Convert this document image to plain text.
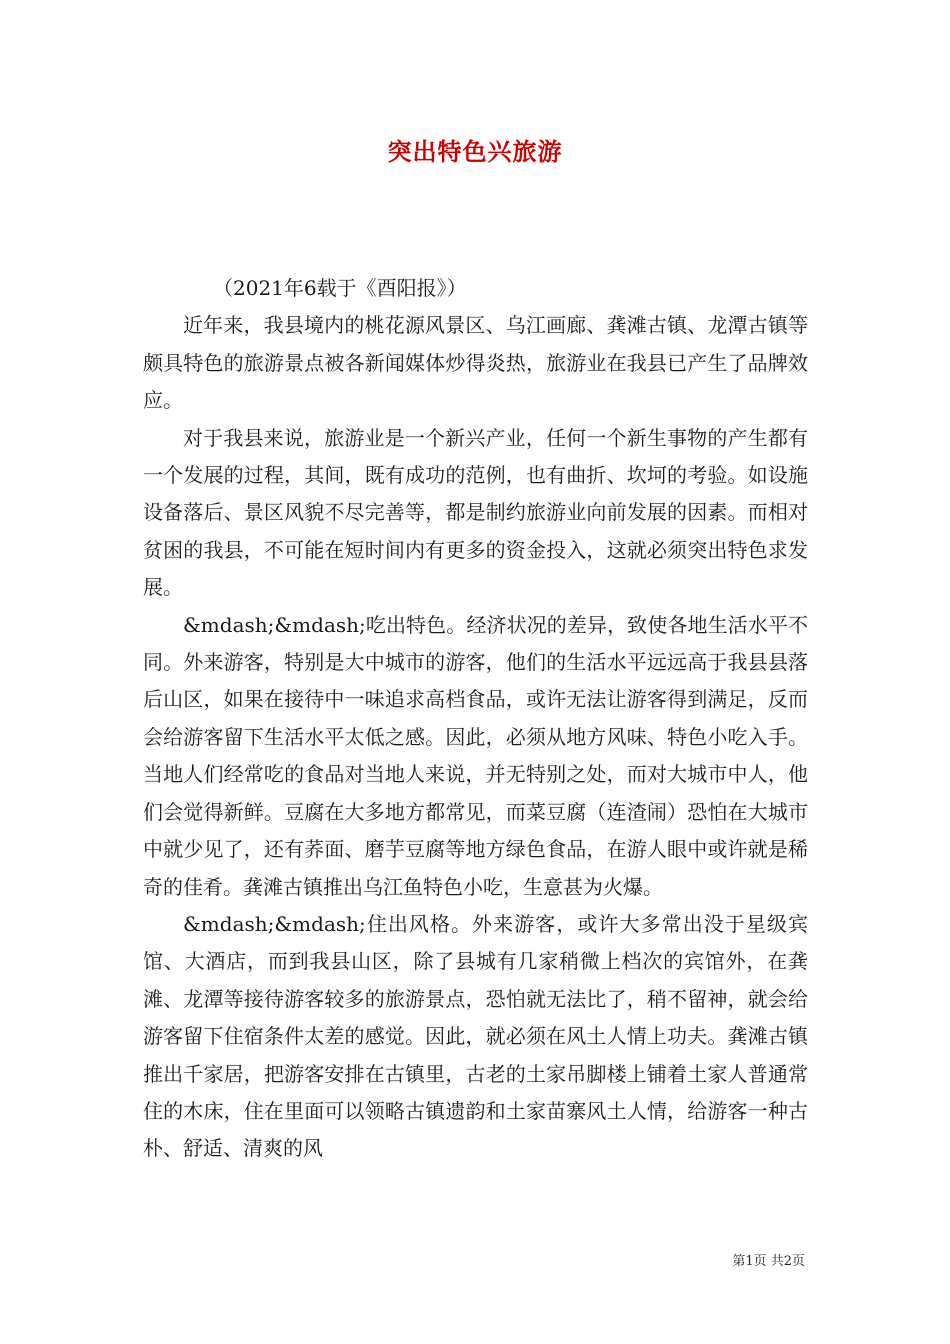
突出特色兴旅游

（2021年6载于《酉阳报》）

近年来，我县境内的桃花源风景区、乌江画廊、龚滩古镇、龙潭古镇等颇具特色的旅游景点被各新闻媒体炒得炎热，旅游业在我县已产生了品牌效应。

对于我县来说，旅游业是一个新兴产业，任何一个新生事物的产生都有一个发展的过程，其间，既有成功的范例，也有曲折、坎坷的考验。如设施设备落后、景区风貌不尽完善等，都是制约旅游业向前发展的因素。而相对贫困的我县，不可能在短时间内有更多的资金投入，这就必须突出特色求发展。

&mdash;&mdash;吃出特色。经济状况的差异，致使各地生活水平不同。外来游客，特别是大中城市的游客，他们的生活水平远远高于我县县落后山区，如果在接待中一味追求高档食品，或许无法让游客得到满足，反而会给游客留下生活水平太低之感。因此，必须从地方风味、特色小吃入手。当地人们经常吃的食品对当地人来说，并无特别之处，而对大城市中人，他们会觉得新鲜。豆腐在大多地方都常见，而菜豆腐（连渣闹）恐怕在大城市中就少见了，还有荞面、磨芋豆腐等地方绿色食品，在游人眼中或许就是稀奇的佳肴。龚滩古镇推出乌江鱼特色小吃，生意甚为火爆。

&mdash;&mdash;住出风格。外来游客，或许大多常出没于星级宾馆、大酒店，而到我县山区，除了县城有几家稍微上档次的宾馆外，在龚滩、龙潭等接待游客较多的旅游景点，恐怕就无法比了，稍不留神，就会给游客留下住宿条件太差的感觉。因此，就必须在风土人情上功夫。龚滩古镇推出千家居，把游客安排在古镇里，古老的土家吊脚楼上铺着土家人普通常住的木床，住在里面可以领略古镇遗韵和土家苗寨风土人情，给游客一种古朴、舒适、清爽的风

第1页 共2页
